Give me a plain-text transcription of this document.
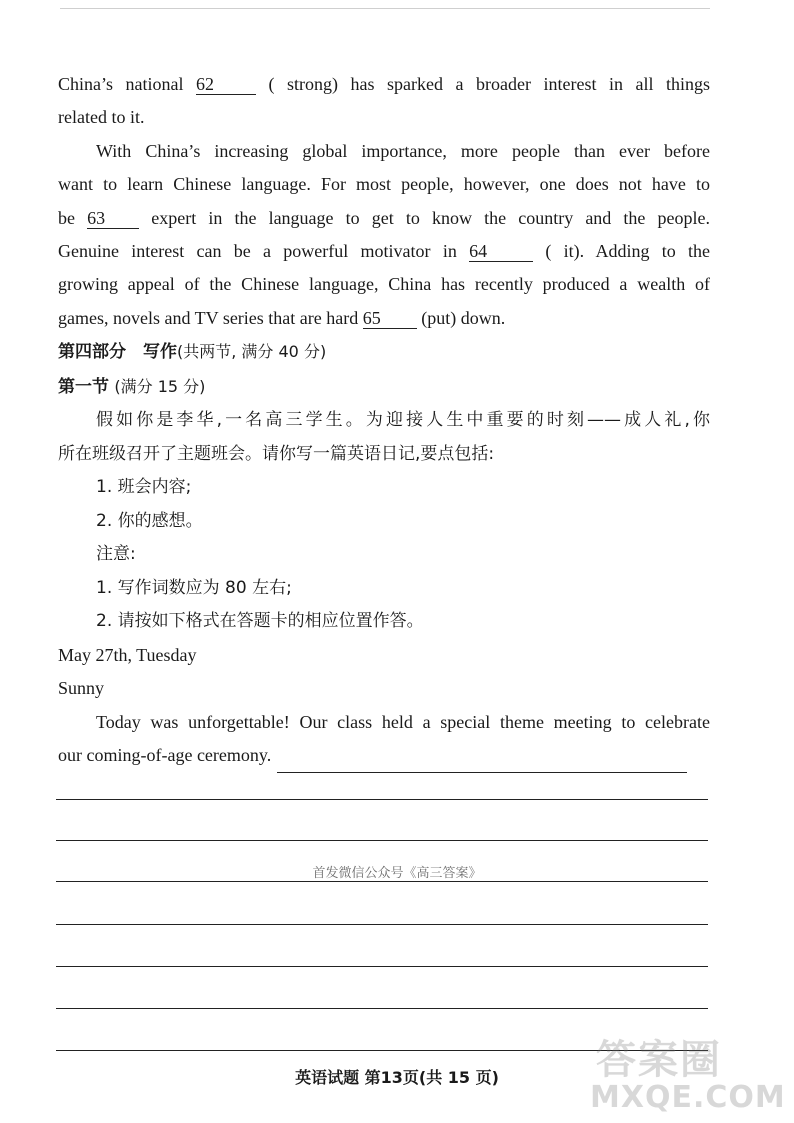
China’s national 62	( strong) has sparked a broader interest in all things

related to it.

With China’s increasing global importance, more people than ever before

want to learn Chinese language. For most people, however, one does not have to

be 63	expert in the language to get to know the country and the people.

Genuine interest can be a powerful motivator in 64	( it). Adding to the

growing appeal of the Chinese language, China has recently produced a wealth of

games, novels and TV series that are hard 65 (put) down.

第四部分　写作(共两节, 满分 40 分)

第一节 (满分 15 分)

假如你是李华,一名高三学生。为迎接人生中重要的时刻——成人礼,你

所在班级召开了主题班会。请你写一篇英语日记,要点包括:

1. 班会内容;

2. 你的感想。

注意:

1. 写作词数应为 80 左右;

2. 请按如下格式在答题卡的相应位置作答。

May 27th, Tuesday

Sunny

Today was unforgettable! Our class held a special theme meeting to celebrate

our coming-of-age ceremony.

首发微信公众号《高三答案》
答案圈
MXQE.COM
英语试题 第13页(共 15 页)
